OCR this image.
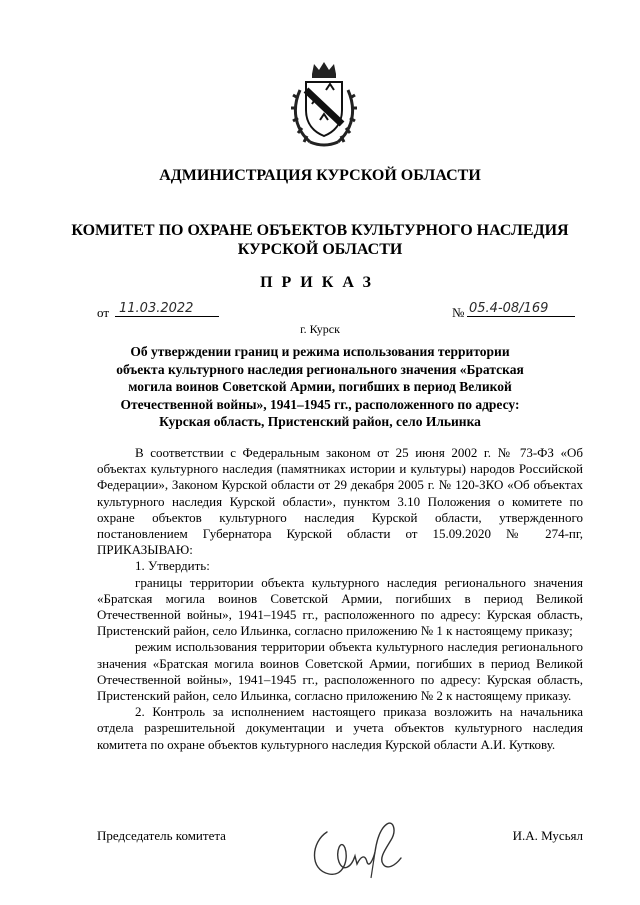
АДМИНИСТРАЦИЯ КУРСКОЙ ОБЛАСТИ
КОМИТЕТ ПО ОХРАНЕ ОБЪЕКТОВ КУЛЬТУРНОГО НАСЛЕДИЯ
КУРСКОЙ ОБЛАСТИ
ПРИКАЗ
от 11.03.2022	№ 05.4-08/169
г. Курск
Об утверждении границ и режима использования территории
объекта культурного наследия регионального значения «Братская
могила воинов Советской Армии, погибших в период Великой
Отечественной войны», 1941–1945 гг., расположенного по адресу:
Курская область, Пристенский район, село Ильинка

В соответствии с Федеральным законом от 25 июня 2002 г. № 73-ФЗ «Об объектах культурного наследия (памятниках истории и культуры) народов Российской Федерации», Законом Курской области от 29 декабря 2005 г. № 120-ЗКО «Об объектах культурного наследия Курской области», пунктом 3.10 Положения о комитете по охране объектов культурного наследия Курской области, утвержденного постановлением Губернатора Курской области от 15.09.2020 № 274-пг, ПРИКАЗЫВАЮ:

1. Утвердить:

границы территории объекта культурного наследия регионального значения «Братская могила воинов Советской Армии, погибших в период Великой Отечественной войны», 1941–1945 гг., расположенного по адресу: Курская область, Пристенский район, село Ильинка, согласно приложению № 1 к настоящему приказу;

режим использования территории объекта культурного наследия регионального значения «Братская могила воинов Советской Армии, погибших в период Великой Отечественной войны», 1941–1945 гг., расположенного по адресу: Курская область, Пристенский район, село Ильинка, согласно приложению № 2 к настоящему приказу.

2. Контроль за исполнением настоящего приказа возложить на начальника отдела разрешительной документации и учета объектов культурного наследия комитета по охране объектов культурного наследия Курской области А.И. Куткову.

Председатель комитета	И.А. Мусьял
